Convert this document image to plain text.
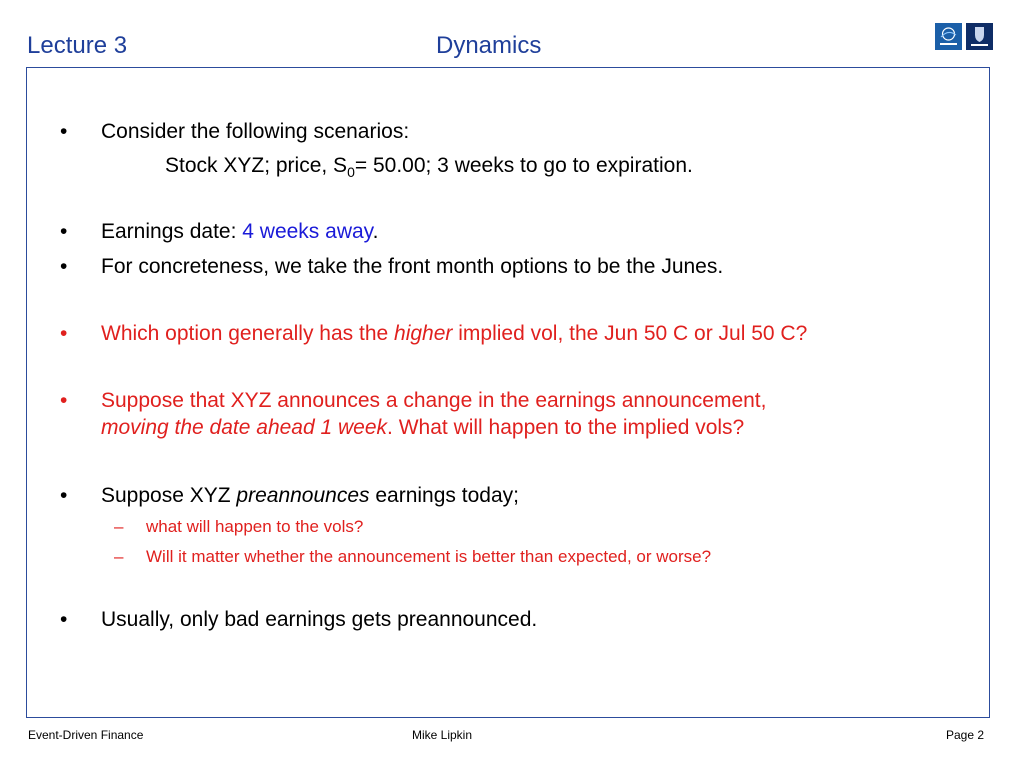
Lecture 3	Dynamics
• Consider the following scenarios:
Stock XYZ; price, $S_0= 50.00$; 3 weeks to go to expiration.
• Earnings date: 4 weeks away.
• For concreteness, we take the front month options to be the Junes.
• Which option generally has the higher implied vol, the Jun 50 C or Jul 50 C?
• Suppose that XYZ announces a change in the earnings announcement,
moving the date ahead 1 week. What will happen to the implied vols?
• Suppose XYZ preannounces earnings today;
– what will happen to the vols?
– Will it matter whether the announcement is better than expected, or worse?
• Usually, only bad earnings gets preannounced.
Event-Driven Finance	Mike Lipkin	Page 2
